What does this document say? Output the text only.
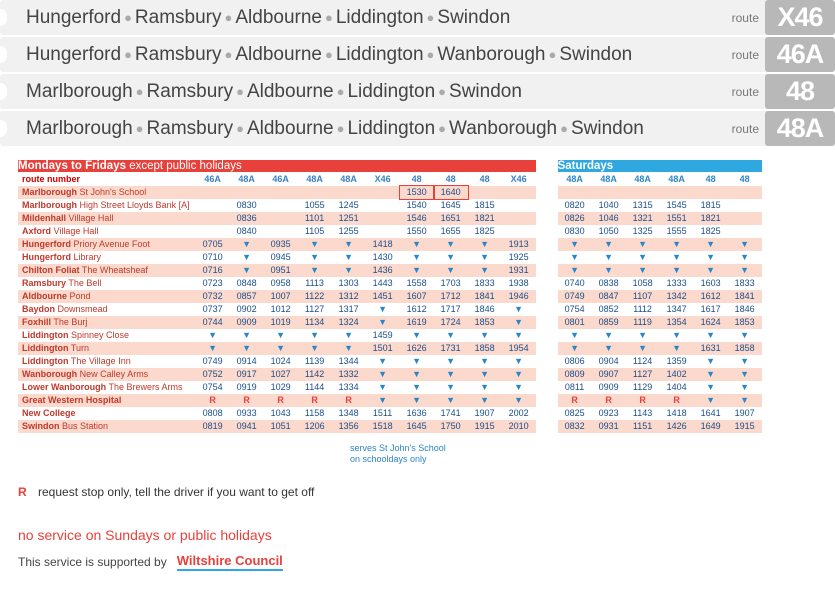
Hungerford ● Ramsbury ● Aldbourne ● Liddington ● Swindon	route X46
Hungerford ● Ramsbury ● Aldbourne ● Liddington ● Wanborough ● Swindon	route 46A
Marlborough ● Ramsbury ● Aldbourne ● Liddington ● Swindon	route 48
Marlborough ● Ramsbury ● Aldbourne ● Liddington ● Wanborough ● Swindon	route 48A
Mondays to Fridays except public holidays												Saturdays					
route number	46A	48A	46A	48A	48A	X46	48	48	48	X46		48A	48A	48A	48A	48	48
Marlborough St John's School							1530	1640									
Marlborough High Street Lloyds Bank [A]		0830		1055	1245		1540	1645	1815			0820	1040	1315	1545	1815	
Mildenhall Village Hall		0836		1101	1251		1546	1651	1821			0826	1046	1321	1551	1821	
Axford Village Hall		0840		1105	1255		1550	1655	1825			0830	1050	1325	1555	1825	
Hungerford Priory Avenue Foot	0705	▼	0935	▼	▼	1418	▼	▼	▼	1913		▼	▼	▼	▼	▼	▼
Hungerford Library	0710	▼	0945	▼	▼	1430	▼	▼	▼	1925		▼	▼	▼	▼	▼	▼
Chilton Foliat The Wheatsheaf	0716	▼	0951	▼	▼	1436	▼	▼	▼	1931		▼	▼	▼	▼	▼	▼
Ramsbury The Bell	0723	0848	0958	1113	1303	1443	1558	1703	1833	1938		0740	0838	1058	1333	1603	1833
Aldbourne Pond	0732	0857	1007	1122	1312	1451	1607	1712	1841	1946		0749	0847	1107	1342	1612	1841
Baydon Downsmead	0737	0902	1012	1127	1317	▼	1612	1717	1846	▼		0754	0852	1112	1347	1617	1846
Foxhill The Burj	0744	0909	1019	1134	1324	▼	1619	1724	1853	▼		0801	0859	1119	1354	1624	1853
Liddington Spinney Close	▼	▼	▼	▼	▼	1459	▼	▼	▼	▼		▼	▼	▼	▼	▼	▼
Liddington Turn	▼	▼	▼	▼	▼	1501	1626	1731	1858	1954		▼	▼	▼	▼	1631	1858
Liddington The Village Inn	0749	0914	1024	1139	1344	▼	▼	▼	▼	▼		0806	0904	1124	1359	▼	▼
Wanborough New Calley Arms	0752	0917	1027	1142	1332	▼	▼	▼	▼	▼		0809	0907	1127	1402	▼	▼
Lower Wanborough The Brewers Arms	0754	0919	1029	1144	1334	▼	▼	▼	▼	▼		0811	0909	1129	1404	▼	▼
Great Western Hospital	R	R	R	R	R	▼	▼	▼	▼	▼		R	R	R	R	▼	▼
New College	0808	0933	1043	1158	1348	1511	1636	1741	1907	2002		0825	0923	1143	1418	1641	1907
Swindon Bus Station	0819	0941	1051	1206	1356	1518	1645	1750	1915	2010		0832	0931	1151	1426	1649	1915
serves St John's School
on schooldays only
R request stop only, tell the driver if you want to get off
no service on Sundays or public holidays
This service is supported by Wiltshire Council
